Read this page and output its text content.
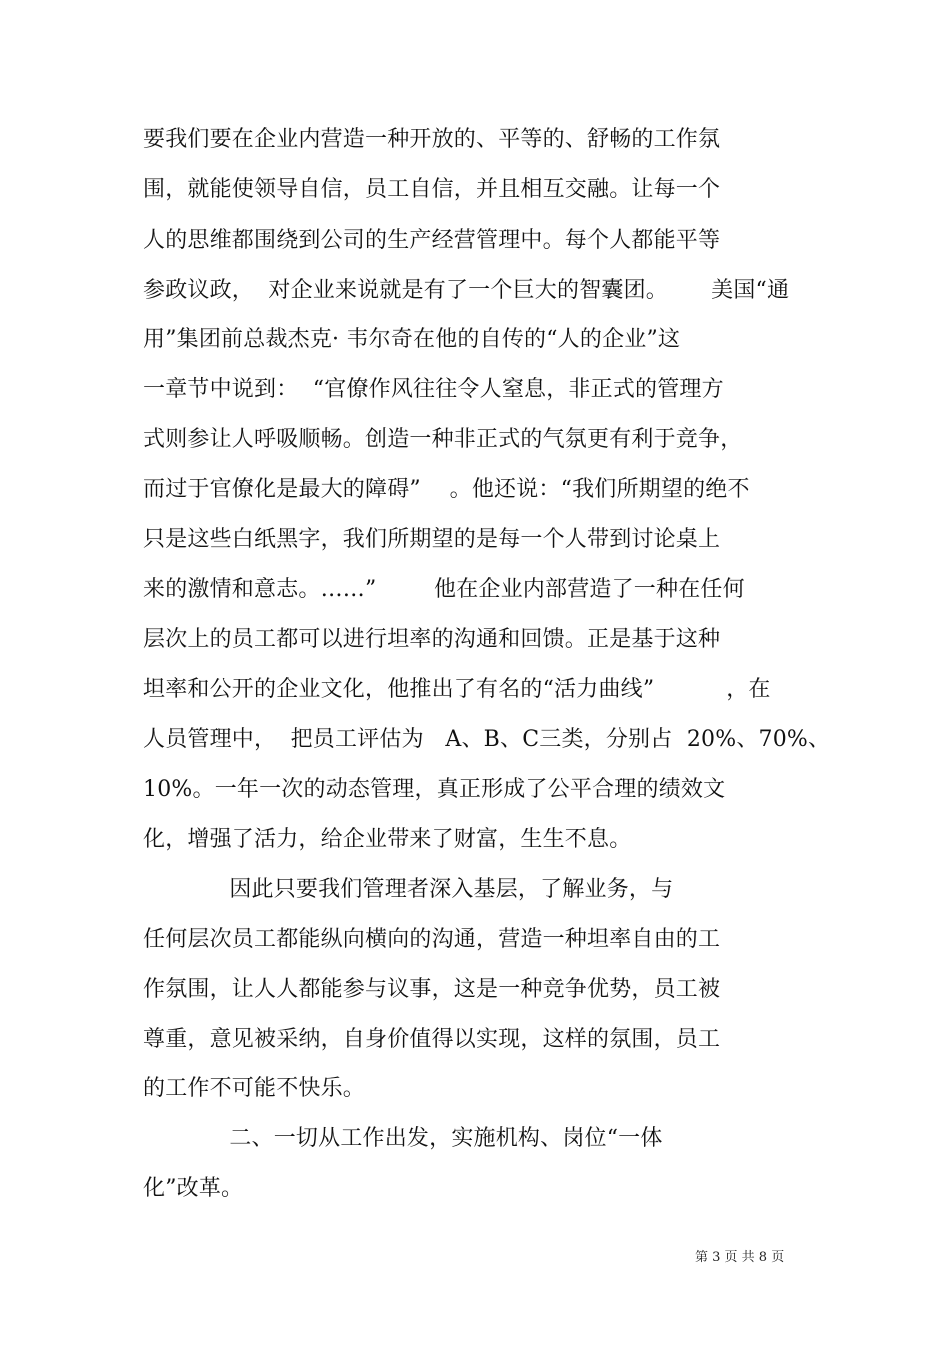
要我们要在企业内营造一种开放的、平等的、舒畅的工作氛
围，就能使领导自信，员工自信，并且相互交融。让每一个
人的思维都围绕到公司的生产经营管理中。每个人都能平等
参政议政，  对企业来说就是有了一个巨大的智囊团。      美国“通
用”集团前总裁杰克· 韦尔奇在他的自传的“人的企业”这
一章节中说到：  “官僚作风往往令人窒息，非正式的管理方
式则参让人呼吸顺畅。创造一种非正式的气氛更有利于竞争，
而过于官僚化是最大的障碍”    。他还说：“我们所期望的绝不
只是这些白纸黑字，我们所期望的是每一个人带到讨论桌上
来的激情和意志。……”        他在企业内部营造了一种在任何
层次上的员工都可以进行坦率的沟通和回馈。正是基于这种
坦率和公开的企业文化，他推出了有名的“活力曲线”          ，在
人员管理中，  把员工评估为   A、B、C三类，分别占  20%、70%、
10%。一年一次的动态管理，真正形成了公平合理的绩效文
化，增强了活力，给企业带来了财富，生生不息。
因此只要我们管理者深入基层，了解业务，与
任何层次员工都能纵向横向的沟通，营造一种坦率自由的工
作氛围，让人人都能参与议事，这是一种竞争优势，员工被
尊重，意见被采纳，自身价值得以实现，这样的氛围，员工
的工作不可能不快乐。
二、一切从工作出发，实施机构、岗位“一体
化”改革。
第 3 页 共 8 页
